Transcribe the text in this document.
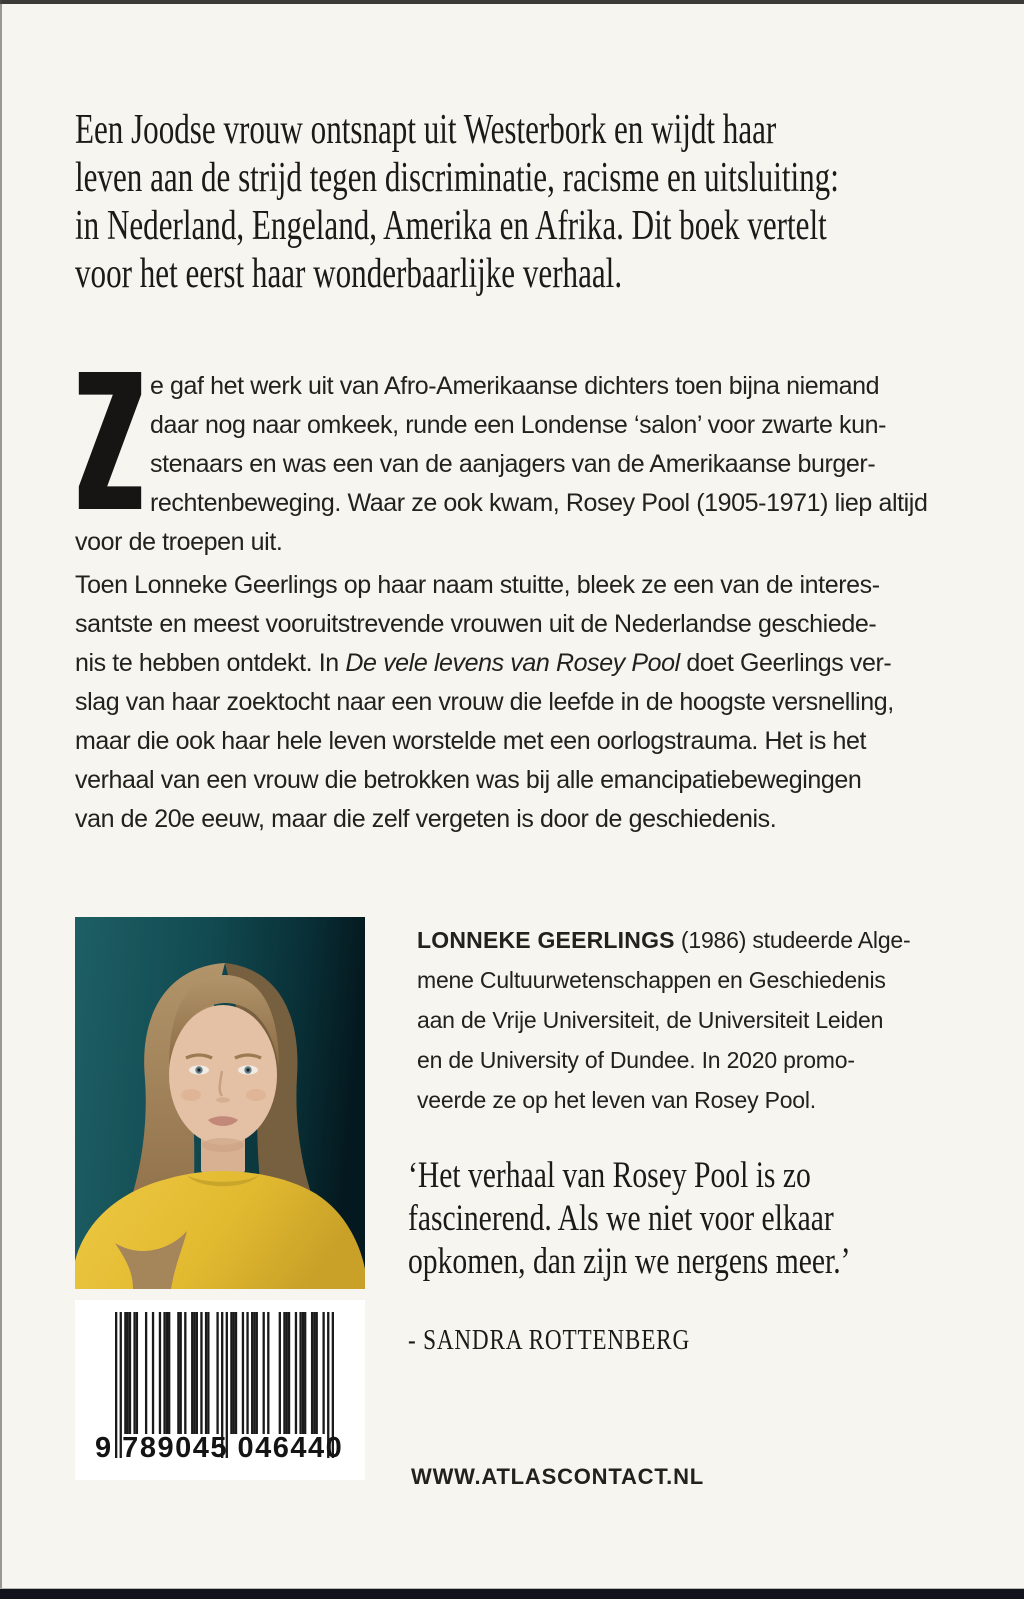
Een Joodse vrouw ontsnapt uit Westerbork en wijdt haar
leven aan de strijd tegen discriminatie, racisme en uitsluiting:
in Nederland, Engeland, Amerika en Afrika. Dit boek vertelt
voor het eerst haar wonderbaarlijke verhaal.
e gaf het werk uit van Afro-Amerikaanse dichters toen bijna niemand
daar nog naar omkeek, runde een Londense ‘salon’ voor zwarte kun-
stenaars en was een van de aanjagers van de Amerikaanse burger-
rechtenbeweging. Waar ze ook kwam, Rosey Pool (1905-1971) liep altijd
voor de troepen uit.
Toen Lonneke Geerlings op haar naam stuitte, bleek ze een van de interes-
santste en meest vooruitstrevende vrouwen uit de Nederlandse geschiede-
nis te hebben ontdekt. In De vele levens van Rosey Pool doet Geerlings ver-
slag van haar zoektocht naar een vrouw die leefde in de hoogste versnelling,
maar die ook haar hele leven worstelde met een oorlogstrauma. Het is het
verhaal van een vrouw die betrokken was bij alle emancipatiebewegingen
van de 20e eeuw, maar die zelf vergeten is door de geschiedenis.
LONNEKE GEERLINGS (1986) studeerde Alge-
mene Cultuurwetenschappen en Geschiedenis
aan de Vrije Universiteit, de Universiteit Leiden
en de University of Dundee. In 2020 promo-
veerde ze op het leven van Rosey Pool.
‘Het verhaal van Rosey Pool is zo
fascinerend. Als we niet voor elkaar
opkomen, dan zijn we nergens meer.’
- SANDRA ROTTENBERG
9 789045 046440
WWW.ATLASCONTACT.NL
